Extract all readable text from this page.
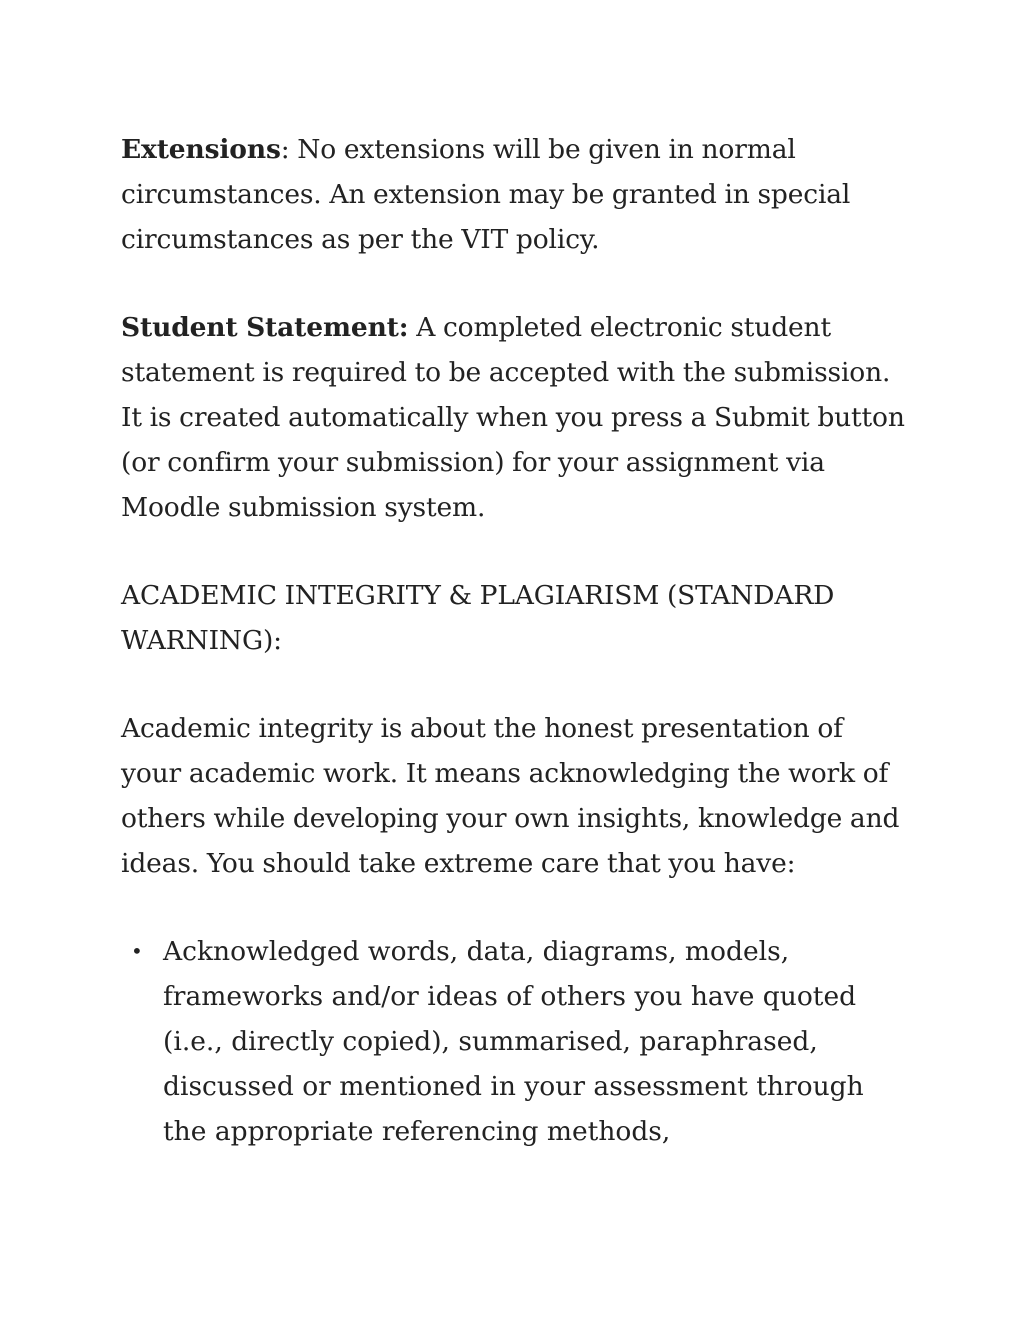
Extensions: No extensions will be given in normal circumstances. An extension may be granted in special circumstances as per the VIT policy.

Student Statement: A completed electronic student statement is required to be accepted with the submission. It is created automatically when you press a Submit button (or confirm your submission) for your assignment via Moodle submission system.

ACADEMIC INTEGRITY & PLAGIARISM (STANDARD WARNING):

Academic integrity is about the honest presentation of your academic work. It means acknowledging the work of others while developing your own insights, knowledge and ideas. You should take extreme care that you have:

• Acknowledged words, data, diagrams, models, frameworks and/or ideas of others you have quoted (i.e., directly copied), summarised, paraphrased, discussed or mentioned in your assessment through the appropriate referencing methods,
